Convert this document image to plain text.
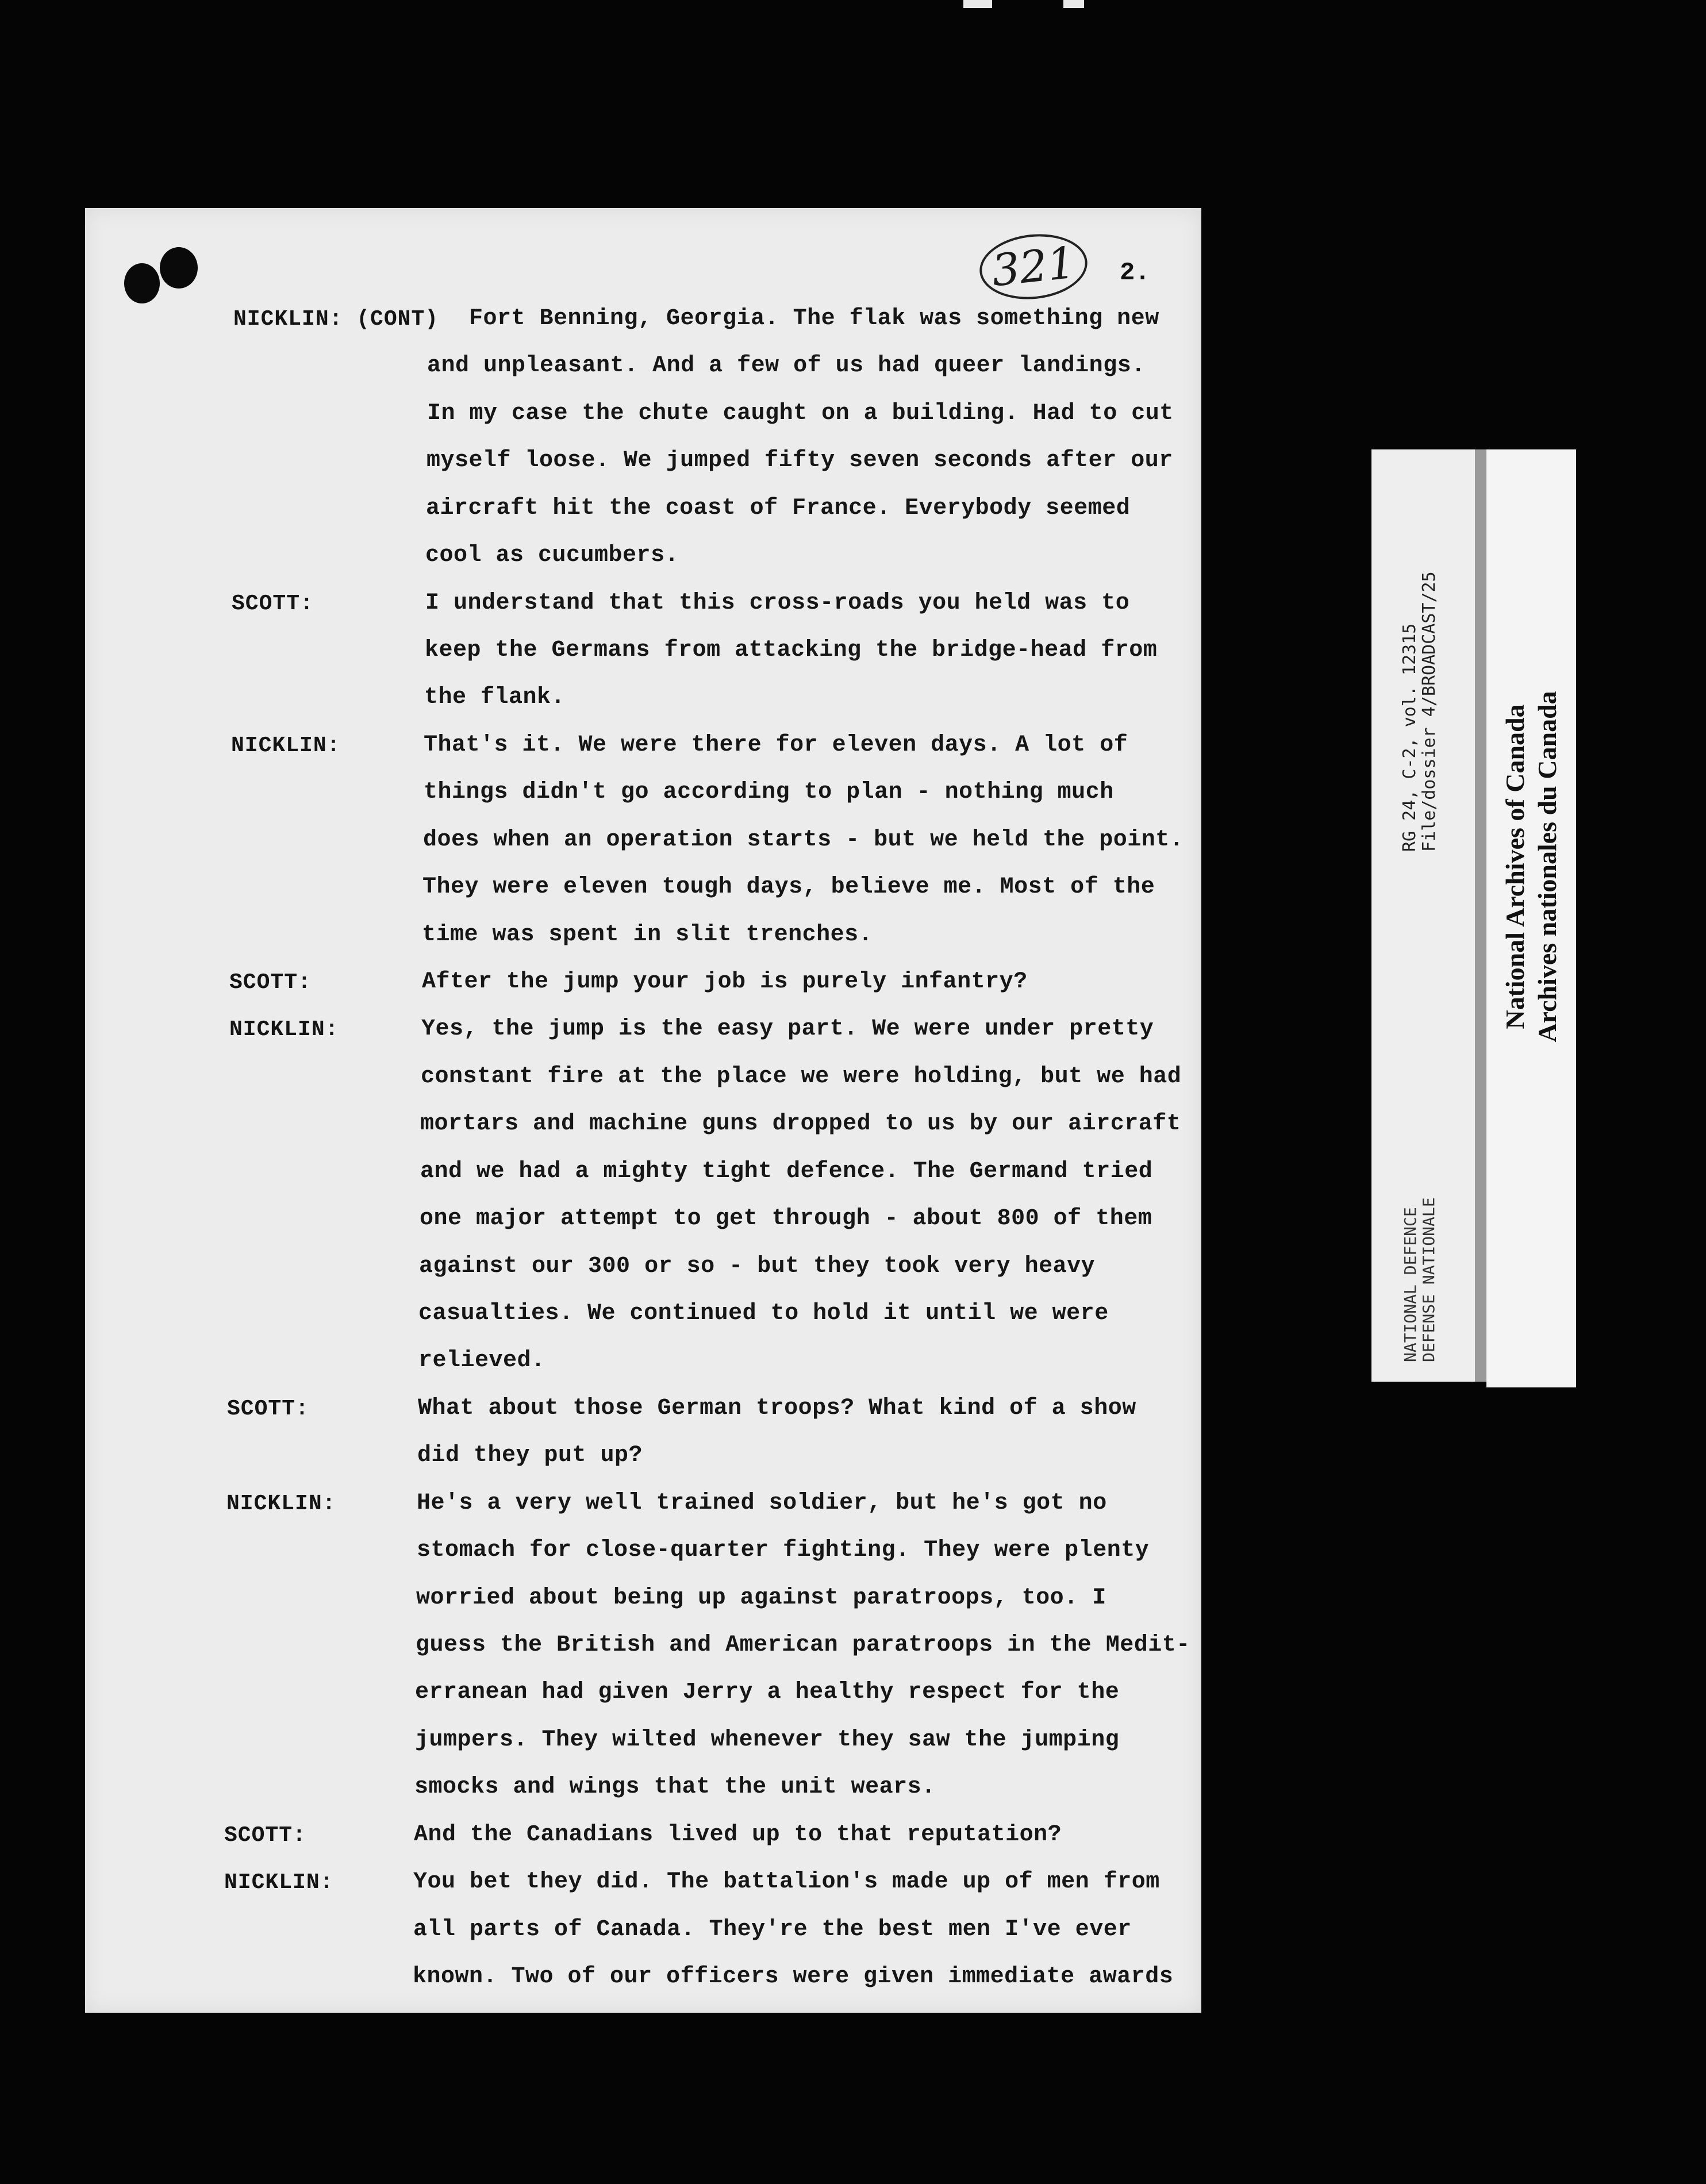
321	2.
NICKLIN: (CONT) Fort Benning, Georgia. The flak was something new
and unpleasant. And a few of us had queer landings.
In my case the chute caught on a building. Had to cut
myself loose. We jumped fifty seven seconds after our
aircraft hit the coast of France. Everybody seemed
cool as cucumbers.
SCOTT:	I understand that this cross-roads you held was to
keep the Germans from attacking the bridge-head from
the flank.
NICKLIN:	That's it. We were there for eleven days. A lot of
things didn't go according to plan - nothing much
does when an operation starts - but we held the point.
They were eleven tough days, believe me. Most of the
time was spent in slit trenches.
SCOTT:	After the jump your job is purely infantry?
NICKLIN:	Yes, the jump is the easy part. We were under pretty
constant fire at the place we were holding, but we had
mortars and machine guns dropped to us by our aircraft
and we had a mighty tight defence. The Germand tried
one major attempt to get through - about 800 of them
against our 300 or so - but they took very heavy
casualties. We continued to hold it until we were
relieved.
SCOTT:	What about those German troops? What kind of a show
did they put up?
NICKLIN:	He's a very well trained soldier, but he's got no
stomach for close-quarter fighting. They were plenty
worried about being up against paratroops, too. I
guess the British and American paratroops in the Medit-
erranean had given Jerry a healthy respect for the
jumpers. They wilted whenever they saw the jumping
smocks and wings that the unit wears.
SCOTT:	And the Canadians lived up to that reputation?
NICKLIN:	You bet they did. The battalion's made up of men from
all parts of Canada. They're the best men I've ever
known. Two of our officers were given immediate awards
RG 24, C-2, vol. 12315 File/dossier 4/BROADCAST/25
NATIONAL DEFENCE DEFENSE NATIONALE
National Archives of Canada Archives nationales du Canada
